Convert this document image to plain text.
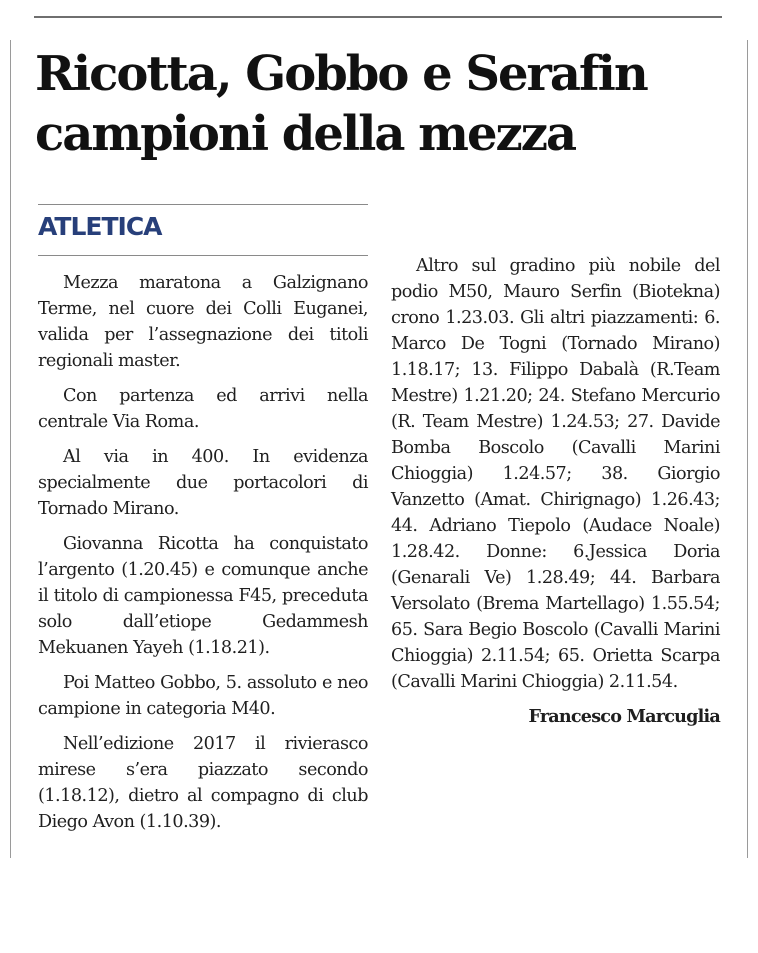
Ricotta, Gobbo e Serafin
campioni della mezza
ATLETICA

Mezza maratona a Galzignano Terme, nel cuore dei Colli Euganei, valida per l’assegnazione dei titoli regionali master.

Con partenza ed arrivi nella centrale Via Roma.

Al via in 400. In evidenza specialmente due portacolori di Tornado Mirano.

Giovanna Ricotta ha conquistato l’argento (1.20.45) e comunque anche il titolo di campionessa F45, preceduta solo dall’etiope Gedammesh Mekuanen Yayeh (1.18.21).

Poi Matteo Gobbo, 5. assoluto e neo campione in categoria M40.

Nell’edizione 2017 il rivierasco mirese s’era piazzato secondo (1.18.12), dietro al compagno di club Diego Avon (1.10.39).

Altro sul gradino più nobile del podio M50, Mauro Serfin (Biotekna) crono 1.23.03. Gli altri piazzamenti: 6. Marco De Togni (Tornado Mirano) 1.18.17; 13. Filippo Dabalà (R.Team Mestre) 1.21.20; 24. Stefano Mercurio (R. Team Mestre) 1.24.53; 27. Davide Bomba Boscolo (Cavalli Marini Chioggia) 1.24.57; 38. Giorgio Vanzetto (Amat. Chirignago) 1.26.43; 44. Adriano Tiepolo (Audace Noale) 1.28.42. Donne: 6.Jessica Doria (Genarali Ve) 1.28.49; 44. Barbara Versolato (Brema Martellago) 1.55.54; 65. Sara Begio Boscolo (Cavalli Marini Chioggia) 2.11.54; 65. Orietta Scarpa (Cavalli Marini Chioggia) 2.11.54.

Francesco Marcuglia
